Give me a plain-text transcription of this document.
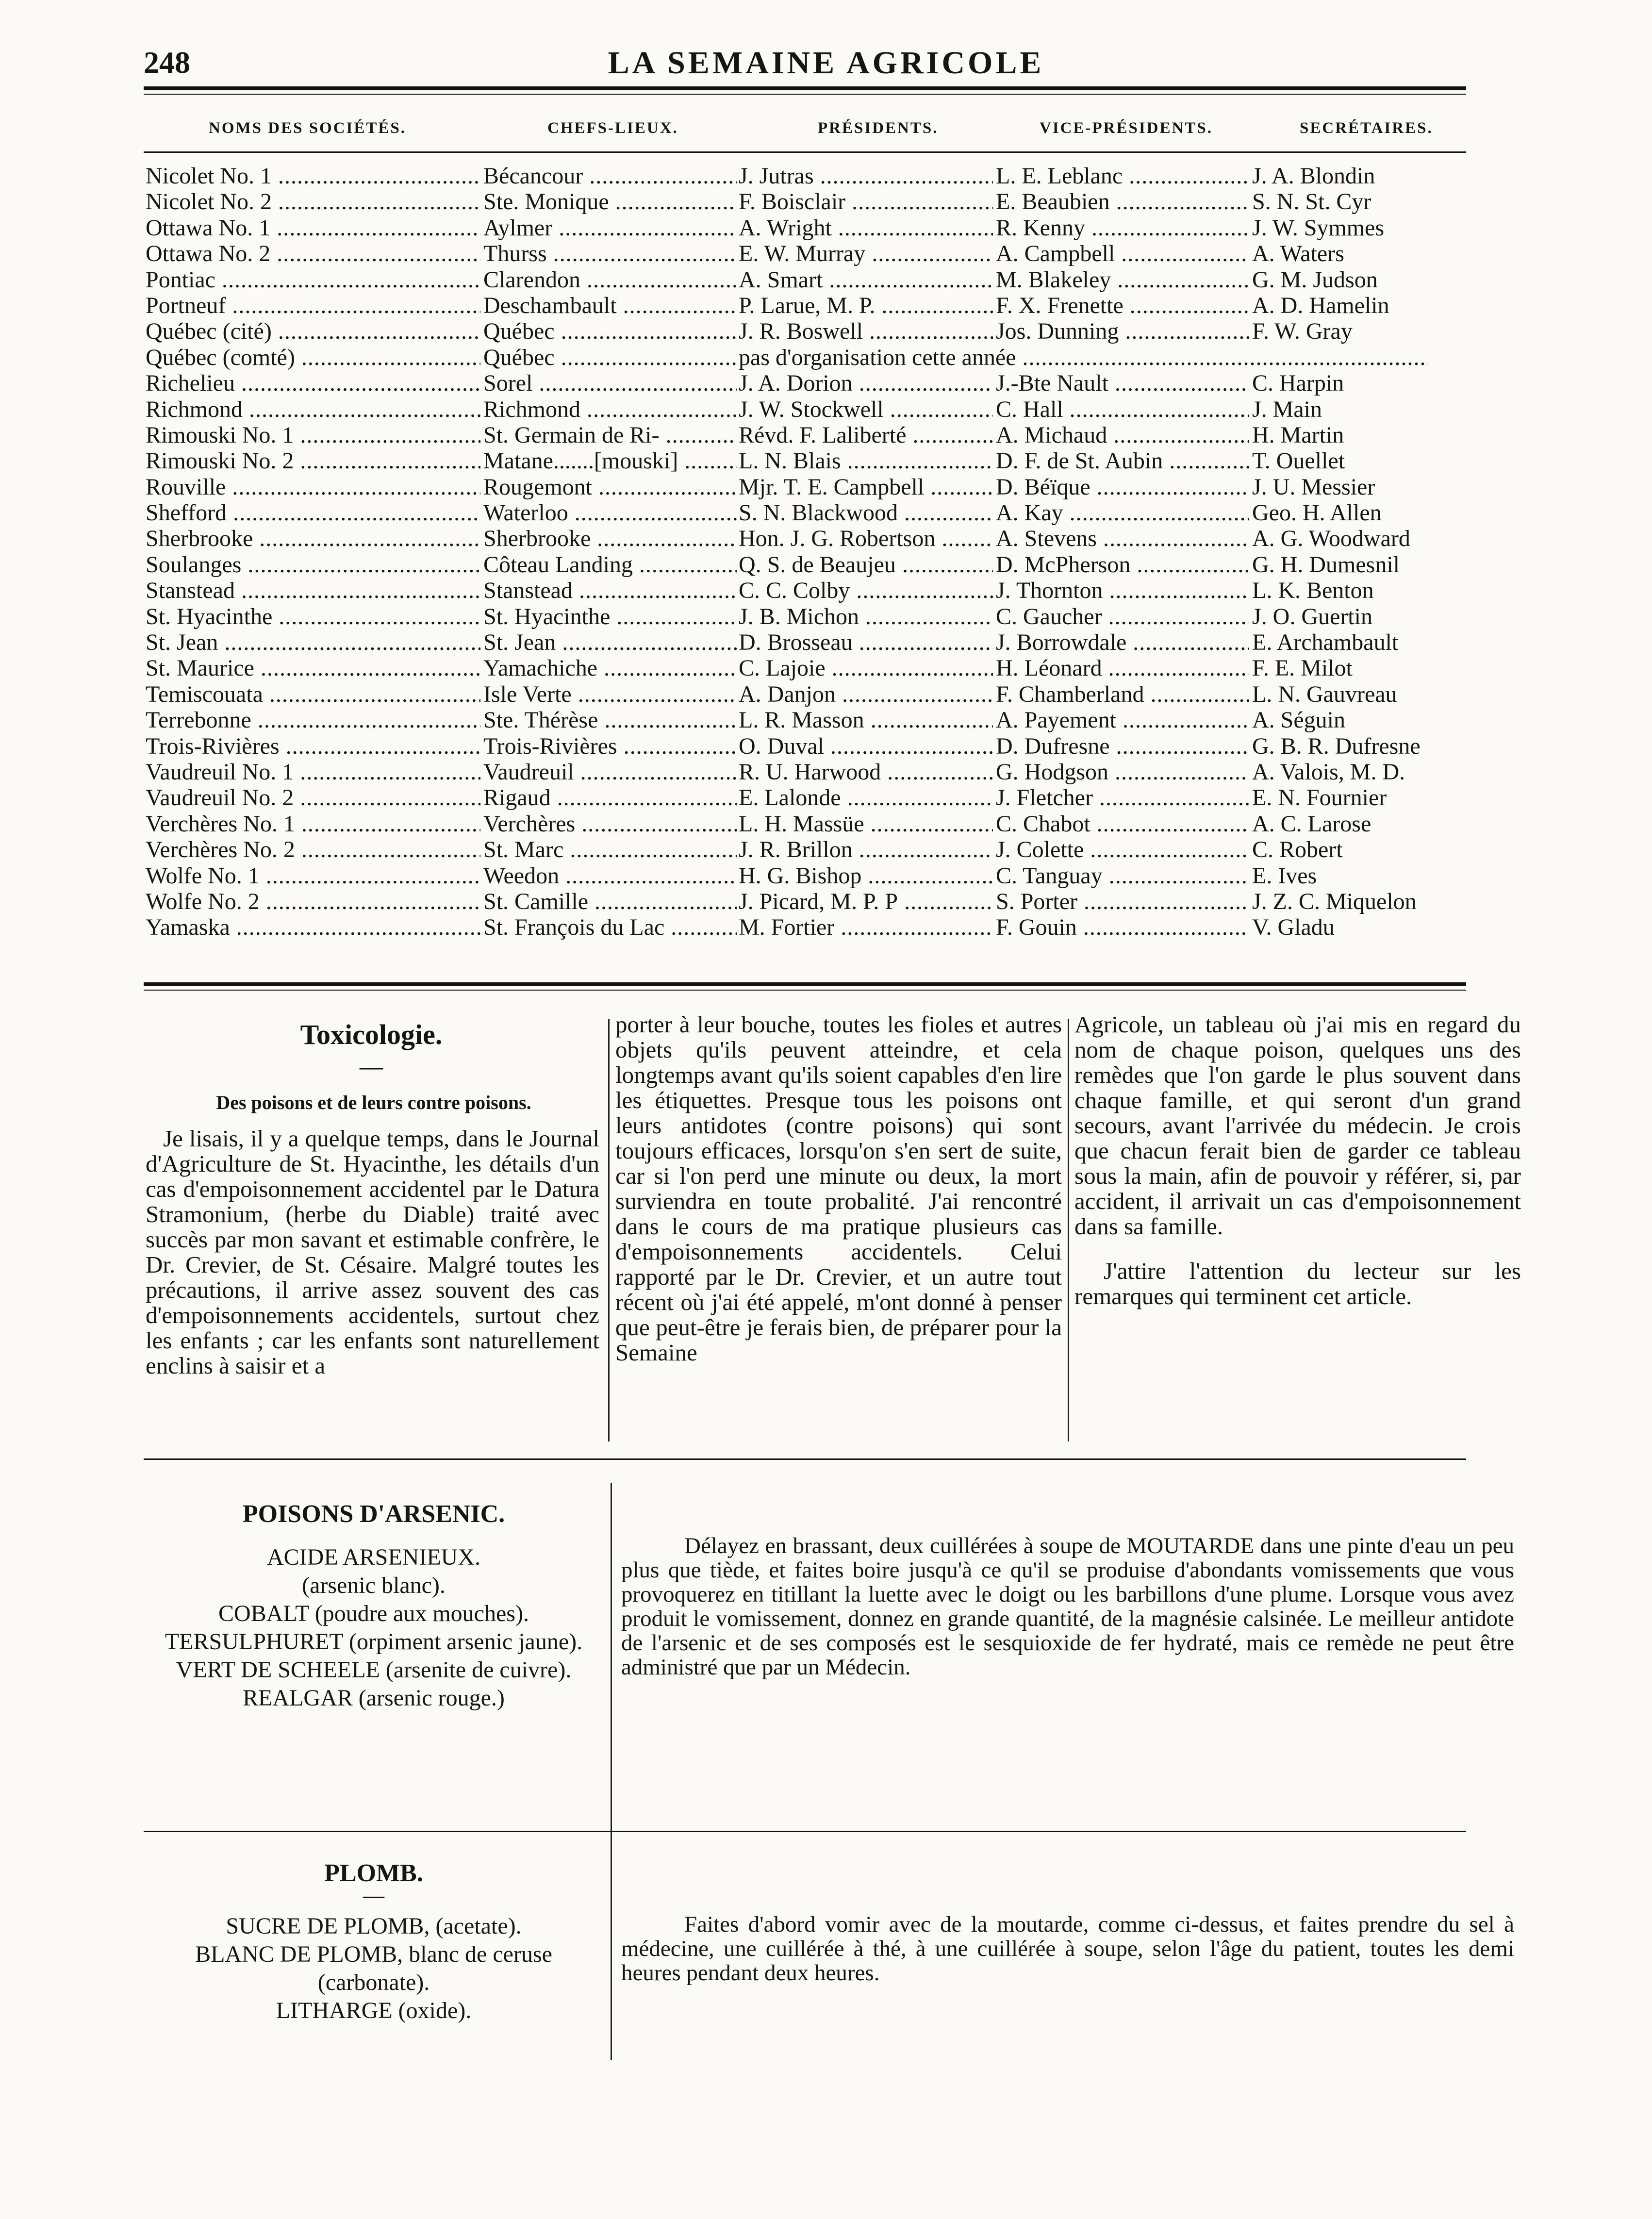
248	LA SEMAINE AGRICOLE
NOMS DES SOCIÉTÉS.	CHEFS-LIEUX.	PRÉSIDENTS.	VICE-PRÉSIDENTS.	SECRÉTAIRES.
Nicolet No. 1 .....	Bécancour .....	J. Jutras .....	L. E. Leblanc .....	J. A. Blondin
Nicolet No. 2 .....	Ste. Monique .....	F. Boisclair .....	E. Beaubien .....	S. N. St. Cyr
Ottawa No. 1 .....	Aylmer .....	A. Wright .....	R. Kenny .....	J. W. Symmes
Ottawa No. 2 .....	Thurss .....	E. W. Murray .....	A. Campbell .....	A. Waters
Pontiac .....	Clarendon .....	A. Smart .....	M. Blakeley .....	G. M. Judson
Portneuf .....	Deschambault .....	P. Larue, M. P. .....	F. X. Frenette .....	A. D. Hamelin
Québec (cité) .....	Québec .....	J. R. Boswell .....	Jos. Dunning .....	F. W. Gray
Québec (comté) .....	Québec .....	pas d'organisation cette année .....
Richelieu .....	Sorel .....	J. A. Dorion .....	J.-Bte Nault .....	C. Harpin
Richmond .....	Richmond .....	J. W. Stockwell .....	C. Hall .....	J. Main
Rimouski No. 1 .....	St. Germain de Ri- .....	Révd. F. Laliberté .....	A. Michaud .....	H. Martin
Rimouski No. 2 .....	Matane.......[mouski] .....	L. N. Blais .....	D. F. de St. Aubin .....	T. Ouellet
Rouville .....	Rougemont .....	Mjr. T. E. Campbell .....	D. Béïque .....	J. U. Messier
Shefford .....	Waterloo .....	S. N. Blackwood .....	A. Kay .....	Geo. H. Allen
Sherbrooke .....	Sherbrooke .....	Hon. J. G. Robertson .....	A. Stevens .....	A. G. Woodward
Soulanges .....	Côteau Landing .....	Q. S. de Beaujeu .....	D. McPherson .....	G. H. Dumesnil
Stanstead .....	Stanstead .....	C. C. Colby .....	J. Thornton .....	L. K. Benton
St. Hyacinthe .....	St. Hyacinthe .....	J. B. Michon .....	C. Gaucher .....	J. O. Guertin
St. Jean .....	St. Jean .....	D. Brosseau .....	J. Borrowdale .....	E. Archambault
St. Maurice .....	Yamachiche .....	C. Lajoie .....	H. Léonard .....	F. E. Milot
Temiscouata .....	Isle Verte .....	A. Danjon .....	F. Chamberland .....	L. N. Gauvreau
Terrebonne .....	Ste. Thérèse .....	L. R. Masson .....	A. Payement .....	A. Séguin
Trois-Rivières .....	Trois-Rivières .....	O. Duval .....	D. Dufresne .....	G. B. R. Dufresne
Vaudreuil No. 1 .....	Vaudreuil .....	R. U. Harwood .....	G. Hodgson .....	A. Valois, M. D.
Vaudreuil No. 2 .....	Rigaud .....	E. Lalonde .....	J. Fletcher .....	E. N. Fournier
Verchères No. 1 .....	Verchères .....	L. H. Massüe .....	C. Chabot .....	A. C. Larose
Verchères No. 2 .....	St. Marc .....	J. R. Brillon .....	J. Colette .....	C. Robert
Wolfe No. 1 .....	Weedon .....	H. G. Bishop .....	C. Tanguay .....	E. Ives
Wolfe No. 2 .....	St. Camille .....	J. Picard, M. P. P .....	S. Porter .....	J. Z. C. Miquelon
Yamaska .....	St. François du Lac .....	M. Fortier .....	F. Gouin .....	V. Gladu
Toxicologie.
—
Des poisons et de leurs contre poisons.

Je lisais, il y a quelque temps, dans le Journal d'Agriculture de St. Hyacinthe, les détails d'un cas d'empoisonnement accidentel par le Datura Stramonium, (herbe du Diable) traité avec succès par mon savant et estimable confrère, le Dr. Crevier, de St. Césaire. Malgré toutes les précautions, il arrive assez souvent des cas d'empoisonnements accidentels, surtout chez les enfants ; car les enfants sont naturellement enclins à saisir et a

porter à leur bouche, toutes les fioles et autres objets qu'ils peuvent atteindre, et cela longtemps avant qu'ils soient capables d'en lire les étiquettes. Presque tous les poisons ont leurs antidotes (contre poisons) qui sont toujours efficaces, lorsqu'on s'en sert de suite, car si l'on perd une minute ou deux, la mort surviendra en toute probalité. J'ai rencontré dans le cours de ma pratique plusieurs cas d'empoisonnements accidentels. Celui rapporté par le Dr. Crevier, et un autre tout récent où j'ai été appelé, m'ont donné à penser que peut-être je ferais bien, de préparer pour la Semaine

Agricole, un tableau où j'ai mis en regard du nom de chaque poison, quelques uns des remèdes que l'on garde le plus souvent dans chaque famille, et qui seront d'un grand secours, avant l'arrivée du médecin. Je crois que chacun ferait bien de garder ce tableau sous la main, afin de pouvoir y référer, si, par accident, il arrivait un cas d'empoisonnement dans sa famille.

J'attire l'attention du lecteur sur les remarques qui terminent cet article.

POISONS D'ARSENIC.
ACIDE ARSENIEUX.
(arsenic blanc).
COBALT (poudre aux mouches).
TERSULPHURET (orpiment arsenic jaune).
VERT DE SCHEELE (arsenite de cuivre).
REALGAR (arsenic rouge.)

Délayez en brassant, deux cuillérées à soupe de MOUTARDE dans une pinte d'eau un peu plus que tiède, et faites boire jusqu'à ce qu'il se produise d'abondants vomissements que vous provoquerez en titillant la luette avec le doigt ou les barbillons d'une plume. Lorsque vous avez produit le vomissement, donnez en grande quantité, de la magnésie calsinée. Le meilleur antidote de l'arsenic et de ses composés est le sesquioxide de fer hydraté, mais ce remède ne peut être administré que par un Médecin.

PLOMB.
—
SUCRE DE PLOMB, (acetate).
BLANC DE PLOMB, blanc de ceruse (carbonate).
LITHARGE (oxide).

Faites d'abord vomir avec de la moutarde, comme ci-dessus, et faites prendre du sel à médecine, une cuillérée à thé, à une cuillérée à soupe, selon l'âge du patient, toutes les demi heures pendant deux heures.
